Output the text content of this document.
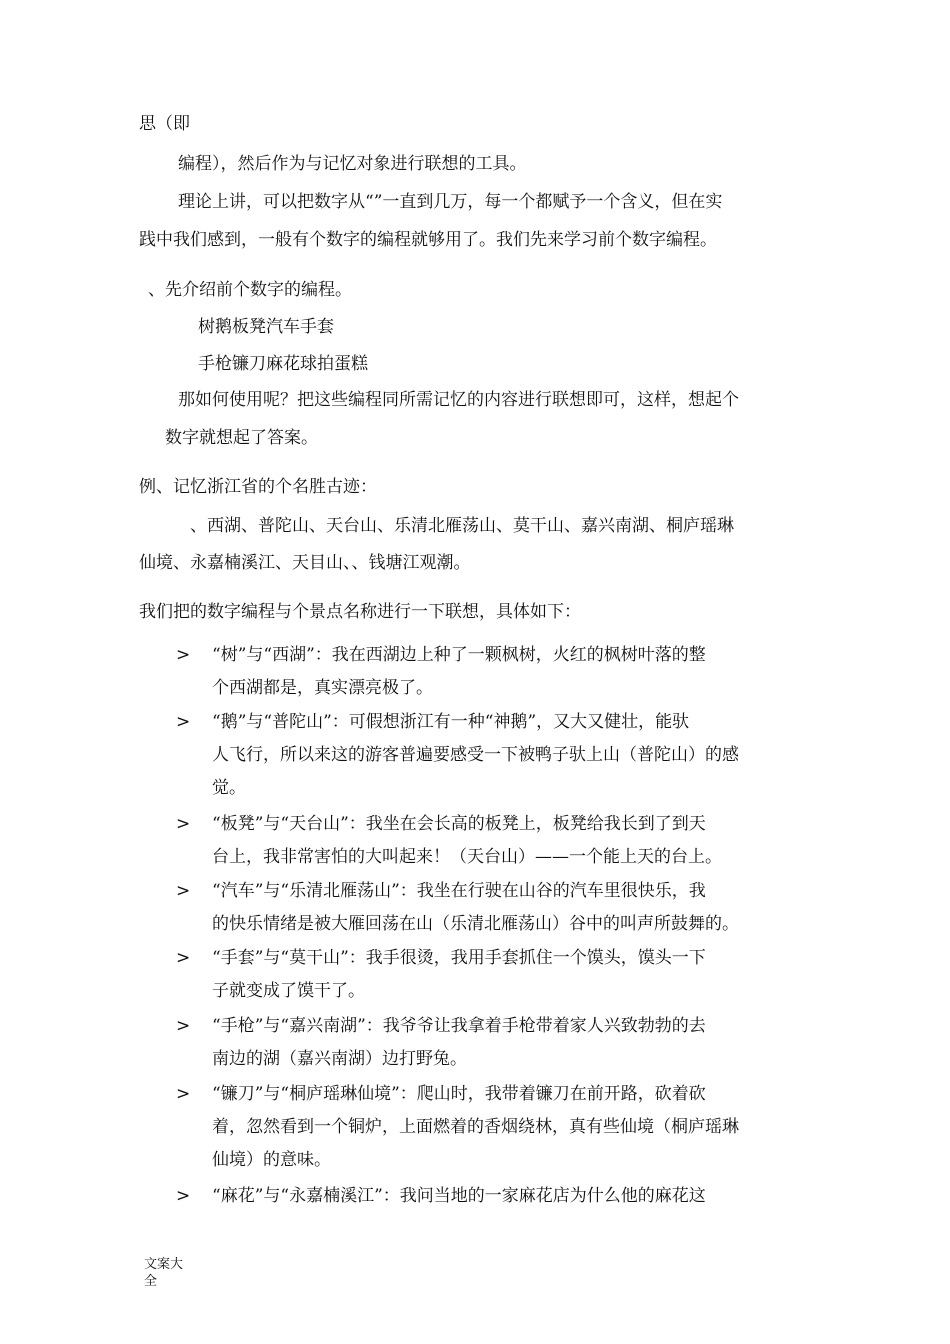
思（即
编程），然后作为与记忆对象进行联想的工具。
理论上讲，可以把数字从“”一直到几万，每一个都赋予一个含义，但在实
践中我们感到，一般有个数字的编程就够用了。我们先来学习前个数字编程。
、先介绍前个数字的编程。
树鹅板凳汽车手套
手枪镰刀麻花球拍蛋糕
那如何使用呢？把这些编程同所需记忆的内容进行联想即可，这样，想起个
数字就想起了答案。
例、记忆浙江省的个名胜古迹：
、西湖、普陀山、天台山、乐清北雁荡山、莫干山、嘉兴南湖、桐庐瑶琳
仙境、永嘉楠溪江、天目山、、钱塘江观潮。
我们把的数字编程与个景点名称进行一下联想，具体如下：
> “树”与“西湖”：我在西湖边上种了一颗枫树，火红的枫树叶落的整
个西湖都是，真实漂亮极了。
> “鹅”与“普陀山”：可假想浙江有一种“神鹅”，又大又健壮，能驮
人飞行，所以来这的游客普遍要感受一下被鸭子驮上山（普陀山）的感
觉。
> “板凳”与“天台山”：我坐在会长高的板凳上，板凳给我长到了到天
台上，我非常害怕的大叫起来！（天台山）——一个能上天的台上。
> “汽车”与“乐清北雁荡山”：我坐在行驶在山谷的汽车里很快乐，我
的快乐情绪是被大雁回荡在山（乐清北雁荡山）谷中的叫声所鼓舞的。
> “手套”与“莫干山”：我手很烫，我用手套抓住一个馍头，馍头一下
子就变成了馍干了。
> “手枪”与“嘉兴南湖”：我爷爷让我拿着手枪带着家人兴致勃勃的去
南边的湖（嘉兴南湖）边打野兔。
> “镰刀”与“桐庐瑶琳仙境”：爬山时，我带着镰刀在前开路，砍着砍
着，忽然看到一个铜炉，上面燃着的香烟绕林，真有些仙境（桐庐瑶琳
仙境）的意味。
> “麻花”与“永嘉楠溪江”：我问当地的一家麻花店为什么他的麻花这
文案大
全
